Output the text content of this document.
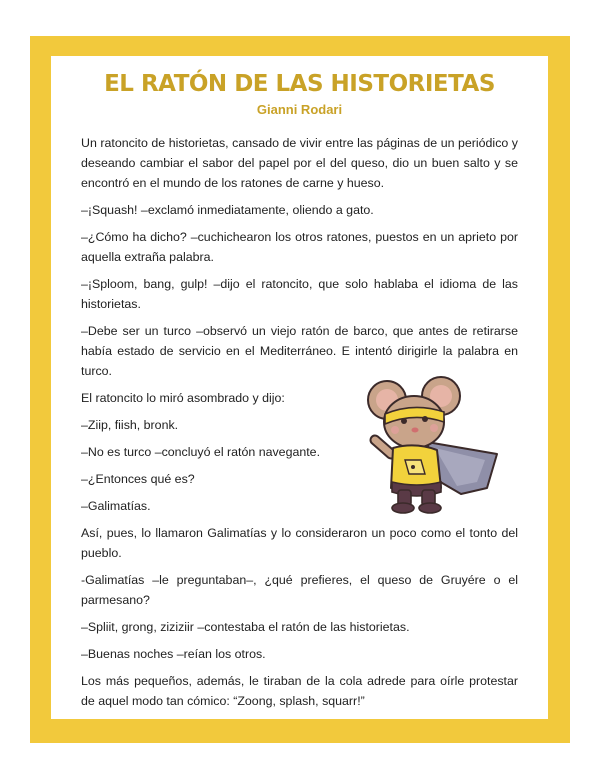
EL RATÓN DE LAS HISTORIETAS
Gianni Rodari

Un ratoncito de historietas, cansado de vivir entre las páginas de un periódico y deseando cambiar el sabor del papel por el del queso, dio un buen salto y se encontró en el mundo de los ratones de carne y hueso.

–¡Squash! –exclamó inmediatamente, oliendo a gato.

–¿Cómo ha dicho? –cuchichearon los otros ratones, puestos en un aprieto por aquella extraña palabra.

–¡Sploom, bang, gulp! –dijo el ratoncito, que solo hablaba el idioma de las historietas.

–Debe ser un turco –observó un viejo ratón de barco, que antes de retirarse había estado de servicio en el Mediterráneo. E intentó dirigirle la palabra en turco.

El ratoncito lo miró asombrado y dijo:

–Ziip, fiish, bronk.

–No es turco –concluyó el ratón navegante.

–¿Entonces qué es?

–Galimatías.

Así, pues, lo llamaron Galimatías y lo consideraron un poco como el tonto del pueblo.

-Galimatías –le preguntaban–, ¿qué prefieres, el queso de Gruyére o el parmesano?

–Spliit, grong, ziziziir –contestaba el ratón de las historietas.

–Buenas noches –reían los otros.

Los más pequeños, además, le tiraban de la cola adrede para oírle protestar de aquel modo tan cómico: “Zoong, splash, squarr!”
